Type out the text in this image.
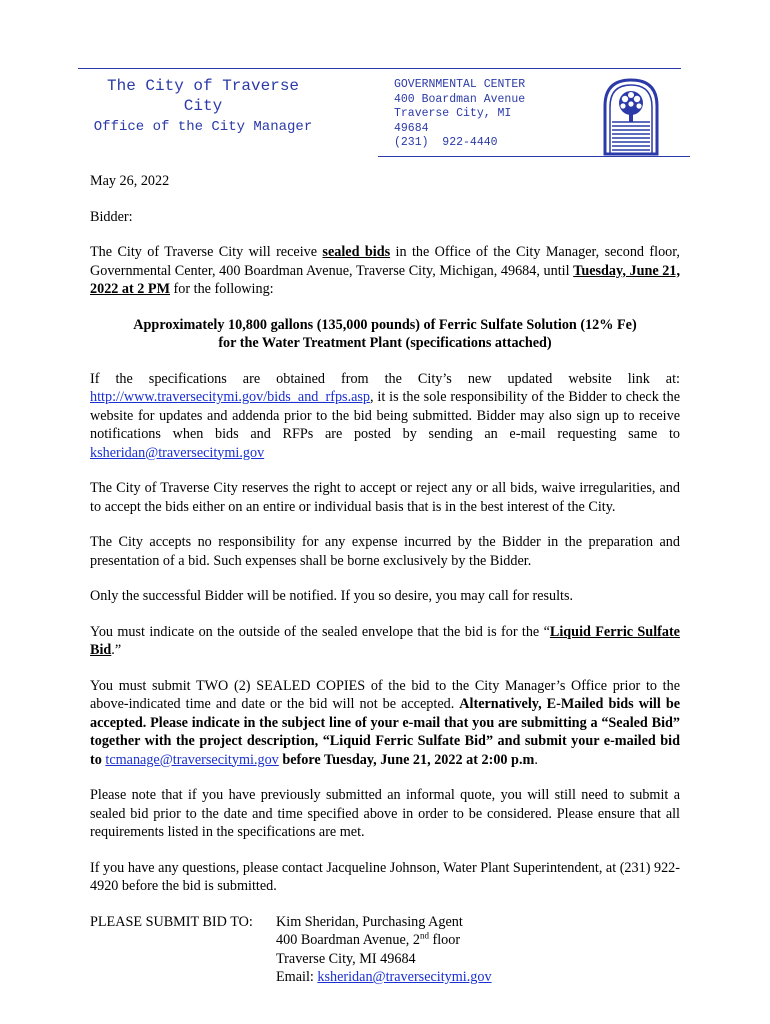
The City of Traverse
City
Office of the City Manager
GOVERNMENTAL CENTER
400 Boardman Avenue
Traverse City, MI
49684
(231)  922-4440
May 26, 2022
Bidder:
The City of Traverse City will receive sealed bids in the Office of the City Manager, second floor, Governmental Center, 400 Boardman Avenue, Traverse City, Michigan, 49684, until Tuesday, June 21, 2022 at 2 PM for the following:
Approximately 10,800 gallons (135,000 pounds) of Ferric Sulfate Solution (12% Fe)
for the Water Treatment Plant (specifications attached)
If the specifications are obtained from the City’s new updated website link at: http://www.traversecitymi.gov/bids_and_rfps.asp, it is the sole responsibility of the Bidder to check the website for updates and addenda prior to the bid being submitted. Bidder may also sign up to receive notifications when bids and RFPs are posted by sending an e-mail requesting same to ksheridan@traversecitymi.gov
The City of Traverse City reserves the right to accept or reject any or all bids, waive irregularities, and to accept the bids either on an entire or individual basis that is in the best interest of the City.
The City accepts no responsibility for any expense incurred by the Bidder in the preparation and presentation of a bid. Such expenses shall be borne exclusively by the Bidder.
Only the successful Bidder will be notified. If you so desire, you may call for results.
You must indicate on the outside of the sealed envelope that the bid is for the “Liquid Ferric Sulfate Bid.”
You must submit TWO (2) SEALED COPIES of the bid to the City Manager’s Office prior to the above-indicated time and date or the bid will not be accepted. Alternatively, E-Mailed bids will be accepted. Please indicate in the subject line of your e-mail that you are submitting a “Sealed Bid” together with the project description, “Liquid Ferric Sulfate Bid” and submit your e-mailed bid to tcmanage@traversecitymi.gov before Tuesday, June 21, 2022 at 2:00 p.m.
Please note that if you have previously submitted an informal quote, you will still need to submit a sealed bid prior to the date and time specified above in order to be considered. Please ensure that all requirements listed in the specifications are met.
If you have any questions, please contact Jacqueline Johnson, Water Plant Superintendent, at (231) 922-4920 before the bid is submitted.
PLEASE SUBMIT BID TO:	Kim Sheridan, Purchasing Agent
400 Boardman Avenue, 2nd floor
Traverse City, MI 49684
Email: ksheridan@traversecitymi.gov
